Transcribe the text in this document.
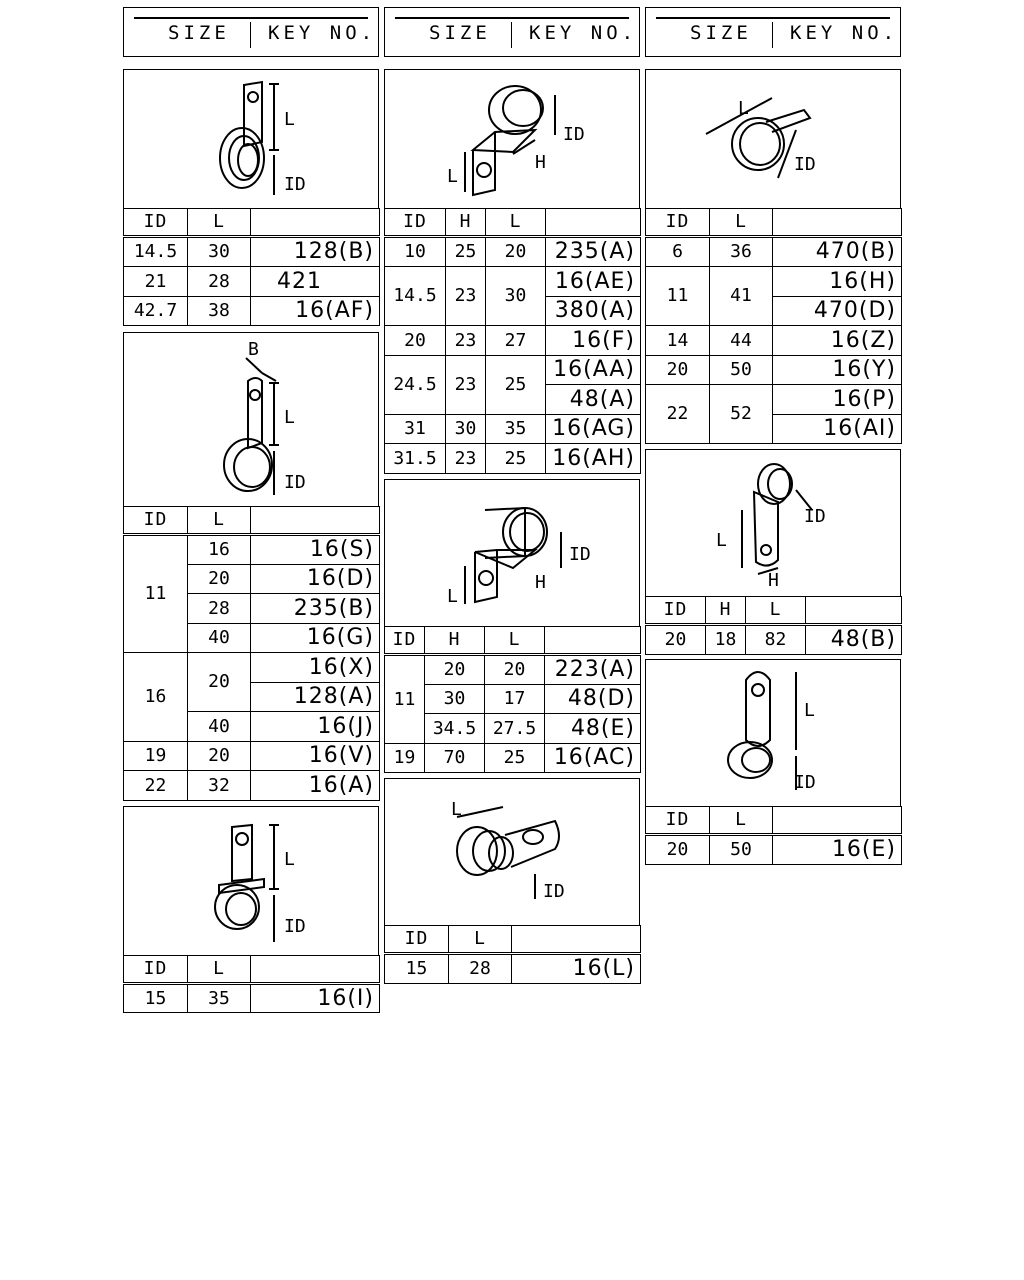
SIZE KEY NO.	SIZE KEY NO.	SIZE KEY NO.
L
ID
ID	L	
14.5	30	128(B)
21	28	421
42.7	38	16(AF)
B
L
ID
ID	L	
11	16	16(S)
	20	16(D)
	28	235(B)
	40	16(G)
16	20	16(X)
		128(A)
	40	16(J)
19	20	16(V)
22	32	16(A)
L
ID
ID	L	
15	35	16(I)
ID
L
H
ID	H	L	
10	25	20	235(A)
14.5	23	30	16(AE)
			380(A)
20	23	27	16(F)
24.5	23	25	16(AA)
			48(A)
31	30	35	16(AG)
31.5	23	25	16(AH)
ID
L
H
ID	H	L	
11	20	20	223(A)
	30	17	48(D)
	34.5	27.5	48(E)
19	70	25	16(AC)
L
ID
ID	L	
15	28	16(L)
L
ID
ID	L	
6	36	470(B)
11	41	16(H)
		470(D)
14	44	16(Z)
20	50	16(Y)
22	52	16(P)
		16(AI)
L
ID
H
ID	H	L	
20	18	82	48(B)
L
ID
ID	L	
20	50	16(E)
